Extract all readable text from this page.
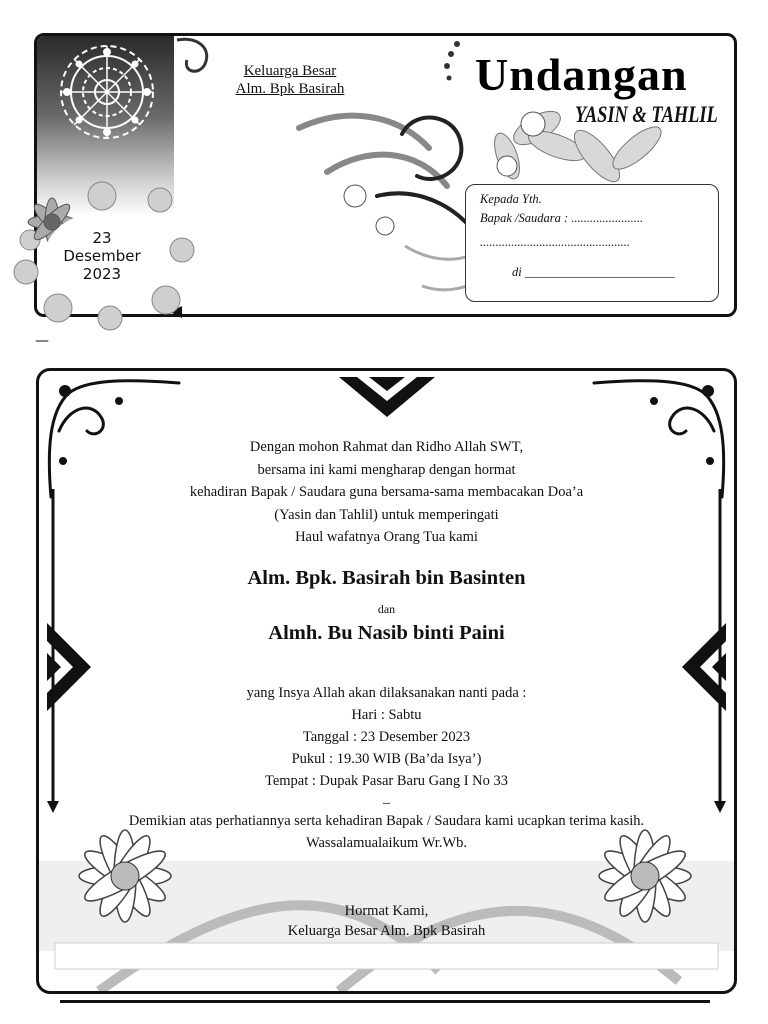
Keluarga Besar
Alm. Bpk Basirah	Undangan
YASIN & TAHLIL
Kepada Yth.
Bapak /Saudara : .......................
................................................
di ________________________
23
Desember
2023
—
Dengan mohon Rahmat dan Ridho Allah SWT,
bersama ini kami mengharap dengan hormat
kehadiran Bapak / Saudara guna bersama-sama membacakan Doa’a
(Yasin dan Tahlil) untuk memperingati
Haul wafatnya Orang Tua kami
Alm. Bpk. Basirah bin Basinten
dan
Almh. Bu Nasib binti Paini
yang Insya Allah akan dilaksanakan nanti pada :
Hari : Sabtu
Tanggal : 23 Desember 2023
Pukul : 19.30 WIB (Ba’da Isya’)
Tempat : Dupak Pasar Baru Gang I No 33
–
Demikian atas perhatiannya serta kehadiran Bapak / Saudara kami ucapkan terima kasih.
Wassalamualaikum Wr.Wb.
Hormat Kami,
Keluarga Besar Alm. Bpk Basirah
